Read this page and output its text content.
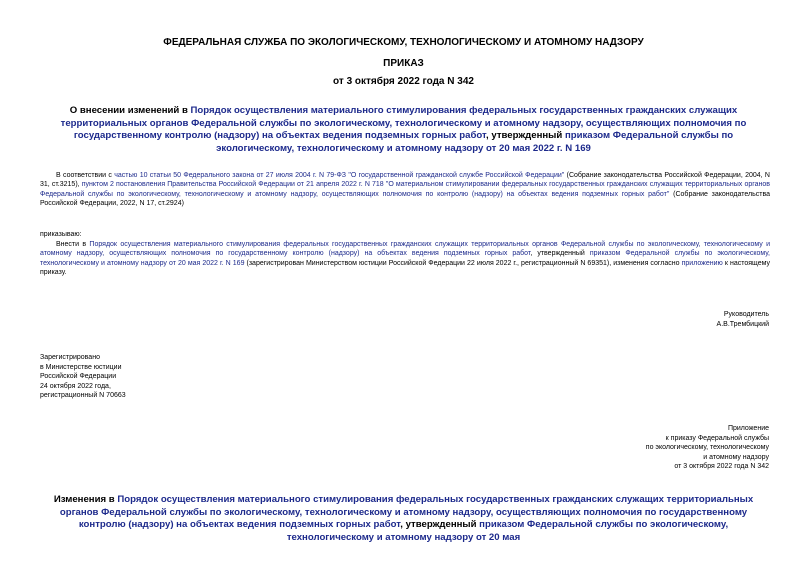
ФЕДЕРАЛЬНАЯ СЛУЖБА ПО ЭКОЛОГИЧЕСКОМУ, ТЕХНОЛОГИЧЕСКОМУ И АТОМНОМУ НАДЗОРУ
ПРИКАЗ
от 3 октября 2022 года N 342
О внесении изменений в Порядок осуществления материального стимулирования федеральных государственных гражданских служащих территориальных органов Федеральной службы по экологическому, технологическому и атомному надзору, осуществляющих полномочия по государственному контролю (надзору) на объектах ведения подземных горных работ, утвержденный приказом Федеральной службы по экологическому, технологическому и атомному надзору от 20 мая 2022 г. N 169
В соответствии с частью 10 статьи 50 Федерального закона от 27 июля 2004 г. N 79-ФЗ "О государственной гражданской службе Российской Федерации" (Собрание законодательства Российской Федерации, 2004, N 31, ст.3215), пунктом 2 постановления Правительства Российской Федерации от 21 апреля 2022 г. N 718 "О материальном стимулировании федеральных государственных гражданских служащих территориальных органов Федеральной службы по экологическому, технологическому и атомному надзору, осуществляющих полномочия по контролю (надзору) на объектах ведения подземных горных работ" (Собрание законодательства Российской Федерации, 2022, N 17, ст.2924)
приказываю:
Внести в Порядок осуществления материального стимулирования федеральных государственных гражданских служащих территориальных органов Федеральной службы по экологическому, технологическому и атомному надзору, осуществляющих полномочия по государственному контролю (надзору) на объектах ведения подземных горных работ, утвержденный приказом Федеральной службы по экологическому, технологическому и атомному надзору от 20 мая 2022 г. N 169 (зарегистрирован Министерством юстиции Российской Федерации 22 июля 2022 г., регистрационный N 69351), изменения согласно приложению к настоящему приказу.
Руководитель
А.В.Трембицкий
Зарегистрировано
в Министерстве юстиции
Российской Федерации
24 октября 2022 года,
регистрационный N 70663
Приложение
к приказу Федеральной службы
по экологическому, технологическому
и атомному надзору
от 3 октября 2022 года N 342
Изменения в Порядок осуществления материального стимулирования федеральных государственных гражданских служащих территориальных органов Федеральной службы по экологическому, технологическому и атомному надзору, осуществляющих полномочия по государственному контролю (надзору) на объектах ведения подземных горных работ, утвержденный приказом Федеральной службы по экологическому, технологическому и атомному надзору от 20 мая
